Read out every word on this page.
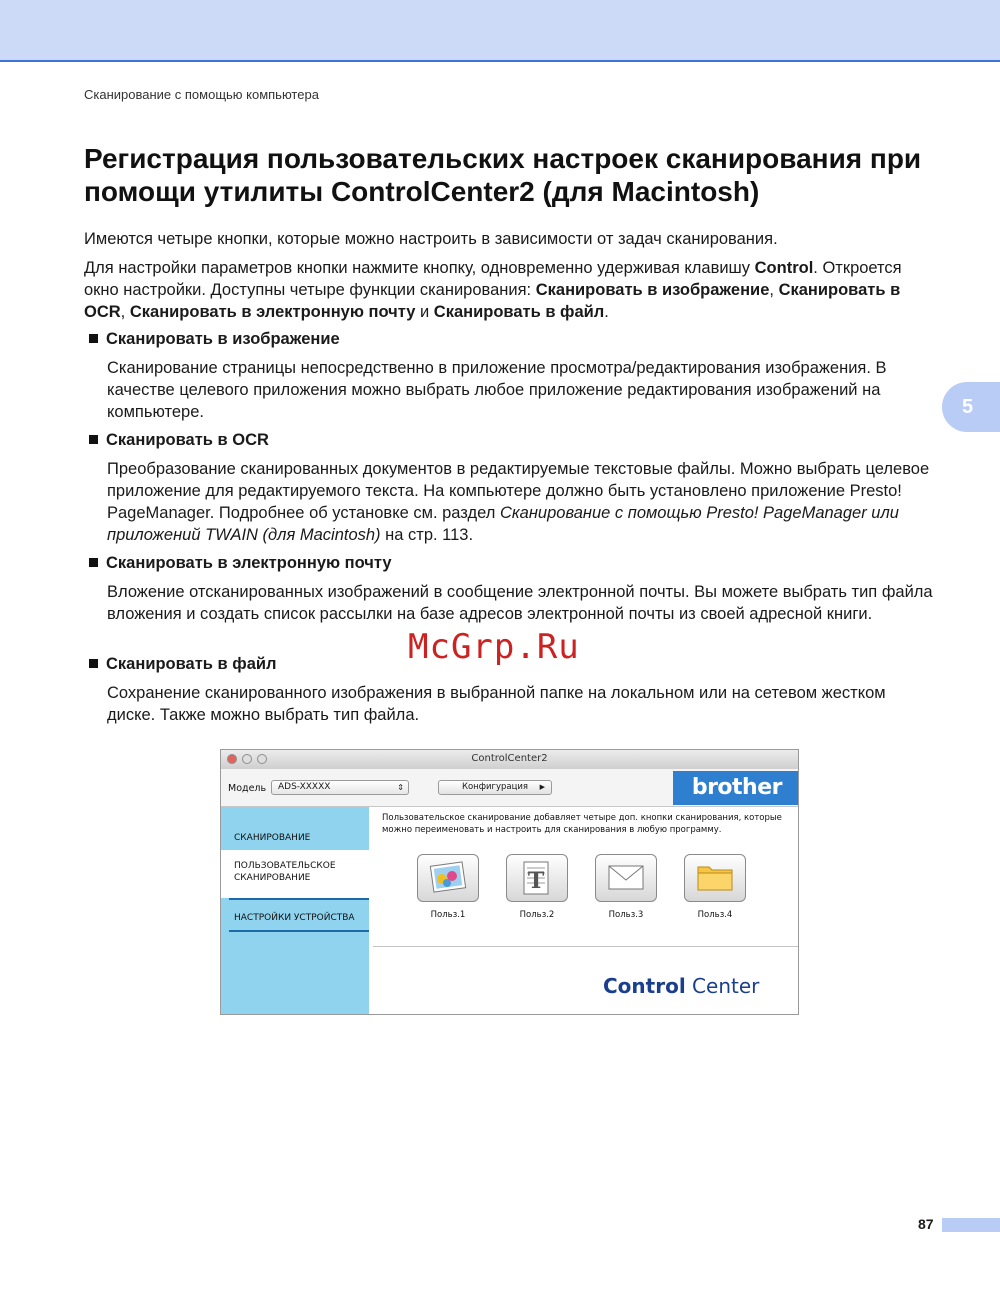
Сканирование с помощью компьютера
5
Регистрация пользовательских настроек сканирования при помощи утилиты ControlCenter2 (для Macintosh)

Имеются четыре кнопки, которые можно настроить в зависимости от задач сканирования.

Для настройки параметров кнопки нажмите кнопку, одновременно удерживая клавишу Control. Откроется окно настройки. Доступны четыре функции сканирования: Сканировать в изображение, Сканировать в OCR, Сканировать в электронную почту и Сканировать в файл.

Сканировать в изображение

Сканирование страницы непосредственно в приложение просмотра/редактирования изображения. В качестве целевого приложения можно выбрать любое приложение редактирования изображений на компьютере.

Сканировать в OCR

Преобразование сканированных документов в редактируемые текстовые файлы. Можно выбрать целевое приложение для редактируемого текста. На компьютере должно быть установлено приложение Presto! PageManager. Подробнее об установке см. раздел Сканирование с помощью Presto! PageManager или приложений TWAIN (для Macintosh) на стр. 113.

Сканировать в электронную почту

Вложение отсканированных изображений в сообщение электронной почты. Вы можете выбрать тип файла вложения и создать список рассылки на базе адресов электронной почты из своей адресной книги.

Сканировать в файл

Сохранение сканированного изображения в выбранной папке на локальном или на сетевом жестком диске. Также можно выбрать тип файла.

McGrp.Ru
ControlCenter2
Модель	ADS-XXXXX	⇕	Конфигурация ▶	brother
СКАНИРОВАНИЕ
ПОЛЬЗОВАТЕЛЬСКОЕ СКАНИРОВАНИЕ
НАСТРОЙКИ УСТРОЙСТВА
Пользовательское сканирование добавляет четыре доп. кнопки сканирования, которые можно переименовать и настроить для сканирования в любую программу.
Польз.1
T
Польз.2	Польз.3	Польз.4
Control Center
87
